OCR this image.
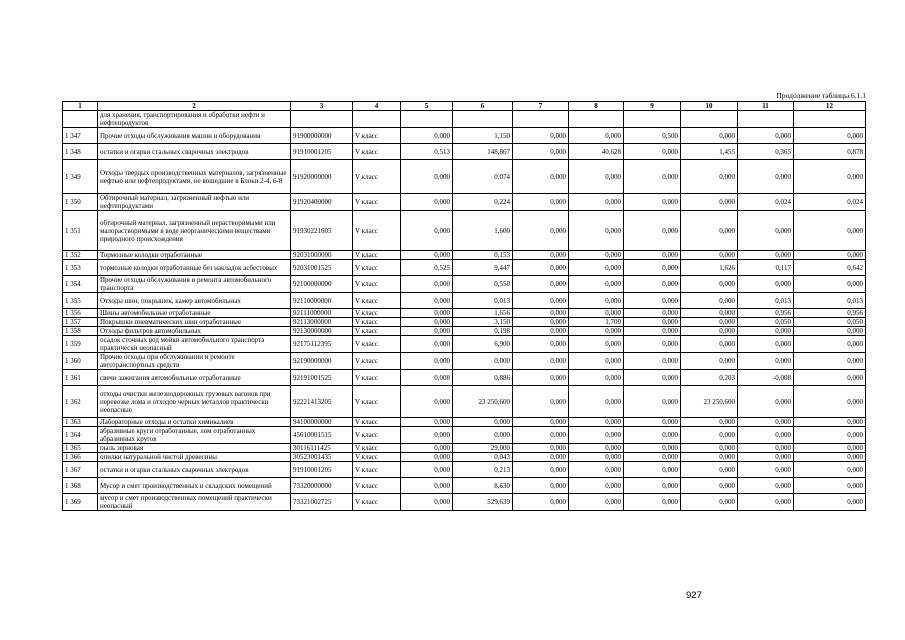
Продолжение таблицы 6.1.1
1	2	3	4	5	6	7	8	9	10	11	12
	для хранения, транспортирования и обработки нефти и нефтепродуктов										
1 347	Прочие отходы обслуживания машин и оборудования	91900000000	V класс	0,000	1,150	0,000	0,000	0,500	0,000	0,000	0,000
1 348	остатки и огарки стальных сварочных электродов	91910001205	V класс	0,513	148,867	0,000	40,628	0,000	1,455	0,365	0,878
1 349	Отходы твердых производственных материалов, загрязненные нефтью или нефтепродуктами, не вошедшие в Блоки 2-4, 6-8	91920000000	V класс	0,000	0,074	0,000	0,000	0,000	0,000	0,000	0,000
1 350	Обтирочный материал, загрязненный нефтью или нефтепродуктами	91920400000	V класс	0,000	0,224	0,000	0,000	0,000	0,000	0,024	0,024
1 351	обтирочный материал, загрязненный нерастворимыми или малорастворимыми в воде неорганическими веществами природного происхождения	91930221605	V класс	0,000	1,600	0,000	0,000	0,000	0,000	0,000	0,000
1 352	Тормозные колодки отработанные	92031000000	V класс	0,000	0,153	0,000	0,000	0,000	0,000	0,000	0,000
1 353	тормозные колодки отработанные без накладок асбестовых	92031001525	V класс	0,525	9,447	0,000	0,000	0,000	1,626	0,117	0,642
1 354	Прочие отходы обслуживания и ремонта автомобильного транспорта	92100000000	V класс	0,000	0,550	0,000	0,000	0,000	0,000	0,000	0,000
1 355	Отходы шин, покрышек, камер автомобильных	92110000000	V класс	0,000	0,013	0,000	0,000	0,000	0,000	0,013	0,013
1 356	Шины автомобильные отработанные	92111000000	V класс	0,000	1,656	0,000	0,000	0,000	0,000	0,956	0,956
1 357	Покрышки пневматических шин отработанные	92113000000	V класс	0,000	3,150	0,000	1,700	0,000	0,000	0,050	0,050
1 358	Отходы фильтров автомобильных	92130000000	V класс	0,000	0,198	0,000	0,000	0,000	0,000	0,000	0,000
1 359	осадок сточных вод мойки автомобильного транспорта практически неопасный	92175112395	V класс	0,000	6,900	0,000	0,000	0,000	0,000	0,000	0,000
1 360	Прочие отходы при обслуживании и ремонте автотранспортных средств	92190000000	V класс	0,000	0,000	0,000	0,000	0,000	0,000	0,000	0,000
1 361	свечи зажигания автомобильные отработанные	92191001525	V класс	0,008	0,886	0,000	0,000	0,000	0,203	-0,008	0,000
1 362	отходы очистки железнодорожных грузовых вагонов при перевозке лома и отходов черных металлов практически неопасные	92221413205	V класс	0,000	23 250,600	0,000	0,000	0,000	23 250,600	0,000	0,000
1 363	Лабораторные отходы и остатки химикалиев	94100000000	V класс	0,000	0,000	0,000	0,000	0,000	0,000	0,000	0,000
1 364	абразивные круги отработанные, лом отработанных абразивных кругов	45610001515	V класс	0,000	0,000	0,000	0,000	0,000	0,000	0,000	0,000
1 365	пыль зерновая	30116111425	V класс	0,000	29,000	0,000	0,000	0,000	0,000	0,000	0,000
1 366	опилки натуральной чистой древесины	30523001435	V класс	0,000	0,043	0,000	0,000	0,000	0,000	0,000	0,000
1 367	остатки и огарки стальных сварочных электродов	91910001205	V класс	0,000	0,213	0,000	0,000	0,000	0,000	0,000	0,000
1 368	Мусор и смет производственных и складских помещений	73320000000	V класс	0,000	8,630	0,000	0,000	0,000	0,000	0,000	0,000
1 369	мусор и смет производственных помещений практически неопасный	73321002725	V класс	0,000	529,639	0,000	0,000	0,000	0,000	0,000	0,000
927
